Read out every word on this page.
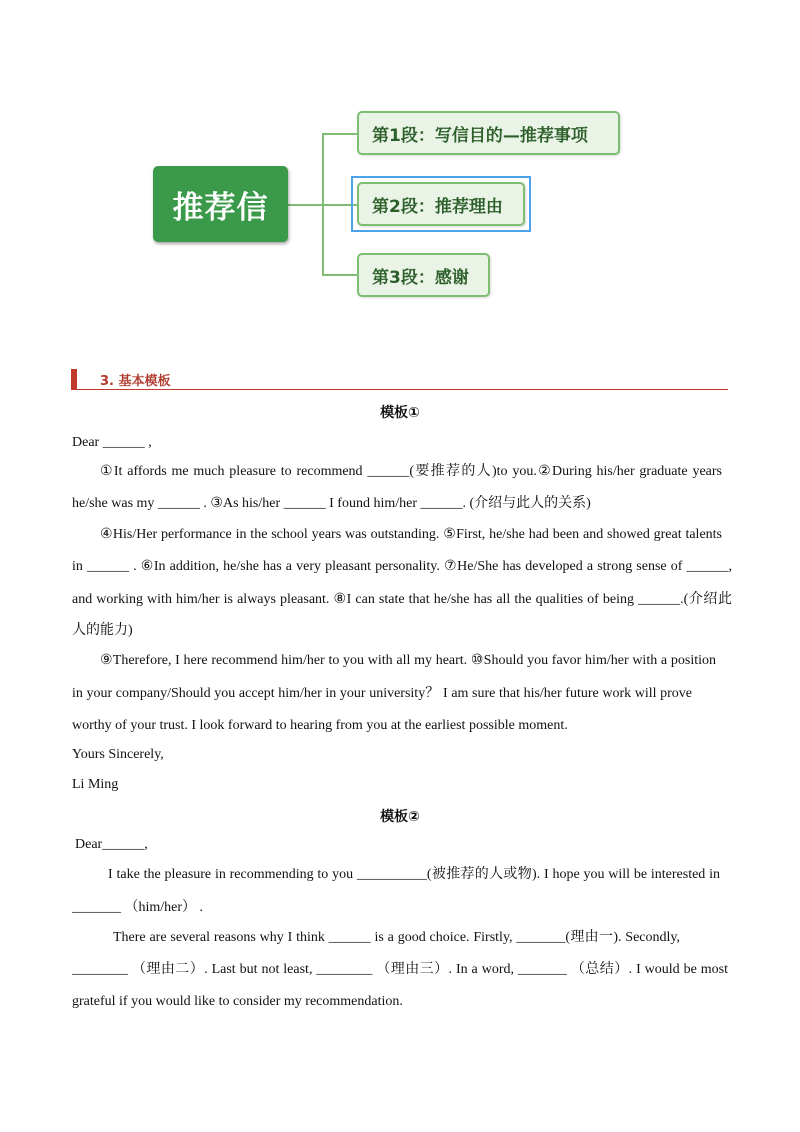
推荐信
第1段：写信目的—推荐事项
第2段：推荐理由
第3段：感谢
3. 基本模板
模板①
Dear ______ ,
①It affords me much pleasure to recommend ______(要推荐的人)to you.②During his/her graduate years
he/she was my ______ . ③As his/her ______ I found him/her ______. (介绍与此人的关系)
④His/Her performance in the school years was outstanding. ⑤First, he/she had been and showed great talents
in ______ . ⑥In addition, he/she has a very pleasant personality. ⑦He/She has developed a strong sense of ______,
and working with him/her is always pleasant. ⑧I can state that he/she has all the qualities of being ______.(介绍此
人的能力)
⑨Therefore, I here recommend him/her to you with all my heart. ⑩Should you favor him/her with a position
in your company/Should you accept him/her in your university？ I am sure that his/her future work will prove
worthy of your trust. I look forward to hearing from you at the earliest possible moment.
Yours Sincerely,
Li Ming
模板②
Dear______,
I take the pleasure in recommending to you __________(被推荐的人或物). I hope you will be interested in
_______ （him/her） .
There are several reasons why I think ______ is a good choice. Firstly, _______(理由一). Secondly,
________ （理由二）. Last but not least, ________ （理由三）. In a word, _______ （总结）. I would be most
grateful if you would like to consider my recommendation.
